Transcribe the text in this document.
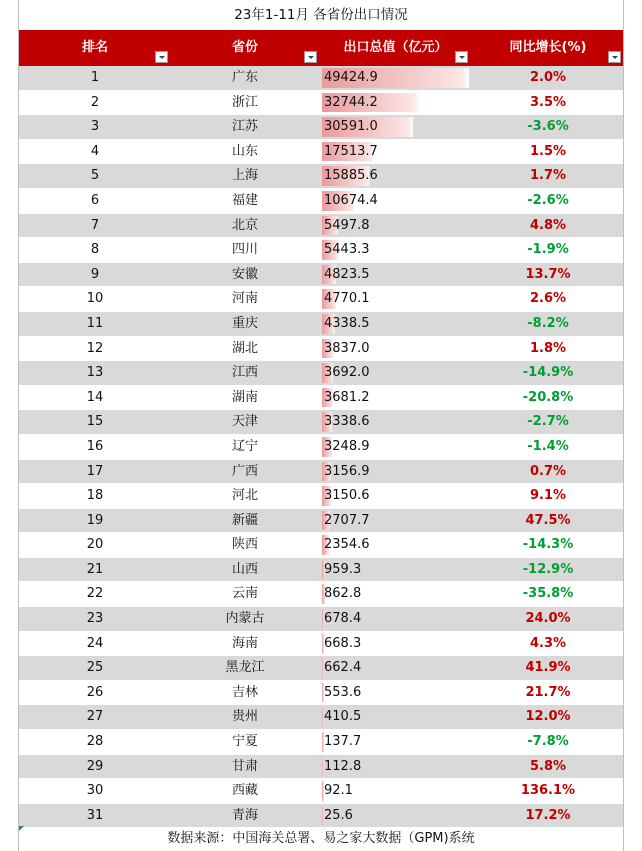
23年1-11月 各省份出口情况
排名	省份	出口总值（亿元）	同比增长(%)
1	广东	49424.9	2.0%
2	浙江	32744.2	3.5%
3	江苏	30591.0	-3.6%
4	山东	17513.7	1.5%
5	上海	15885.6	1.7%
6	福建	10674.4	-2.6%
7	北京	5497.8	4.8%
8	四川	5443.3	-1.9%
9	安徽	4823.5	13.7%
10	河南	4770.1	2.6%
11	重庆	4338.5	-8.2%
12	湖北	3837.0	1.8%
13	江西	3692.0	-14.9%
14	湖南	3681.2	-20.8%
15	天津	3338.6	-2.7%
16	辽宁	3248.9	-1.4%
17	广西	3156.9	0.7%
18	河北	3150.6	9.1%
19	新疆	2707.7	47.5%
20	陕西	2354.6	-14.3%
21	山西	959.3	-12.9%
22	云南	862.8	-35.8%
23	内蒙古	678.4	24.0%
24	海南	668.3	4.3%
25	黑龙江	662.4	41.9%
26	吉林	553.6	21.7%
27	贵州	410.5	12.0%
28	宁夏	137.7	-7.8%
29	甘肃	112.8	5.8%
30	西藏	92.1	136.1%
31	青海	25.6	17.2%
数据来源：中国海关总署、易之家大数据（GPM)系统
